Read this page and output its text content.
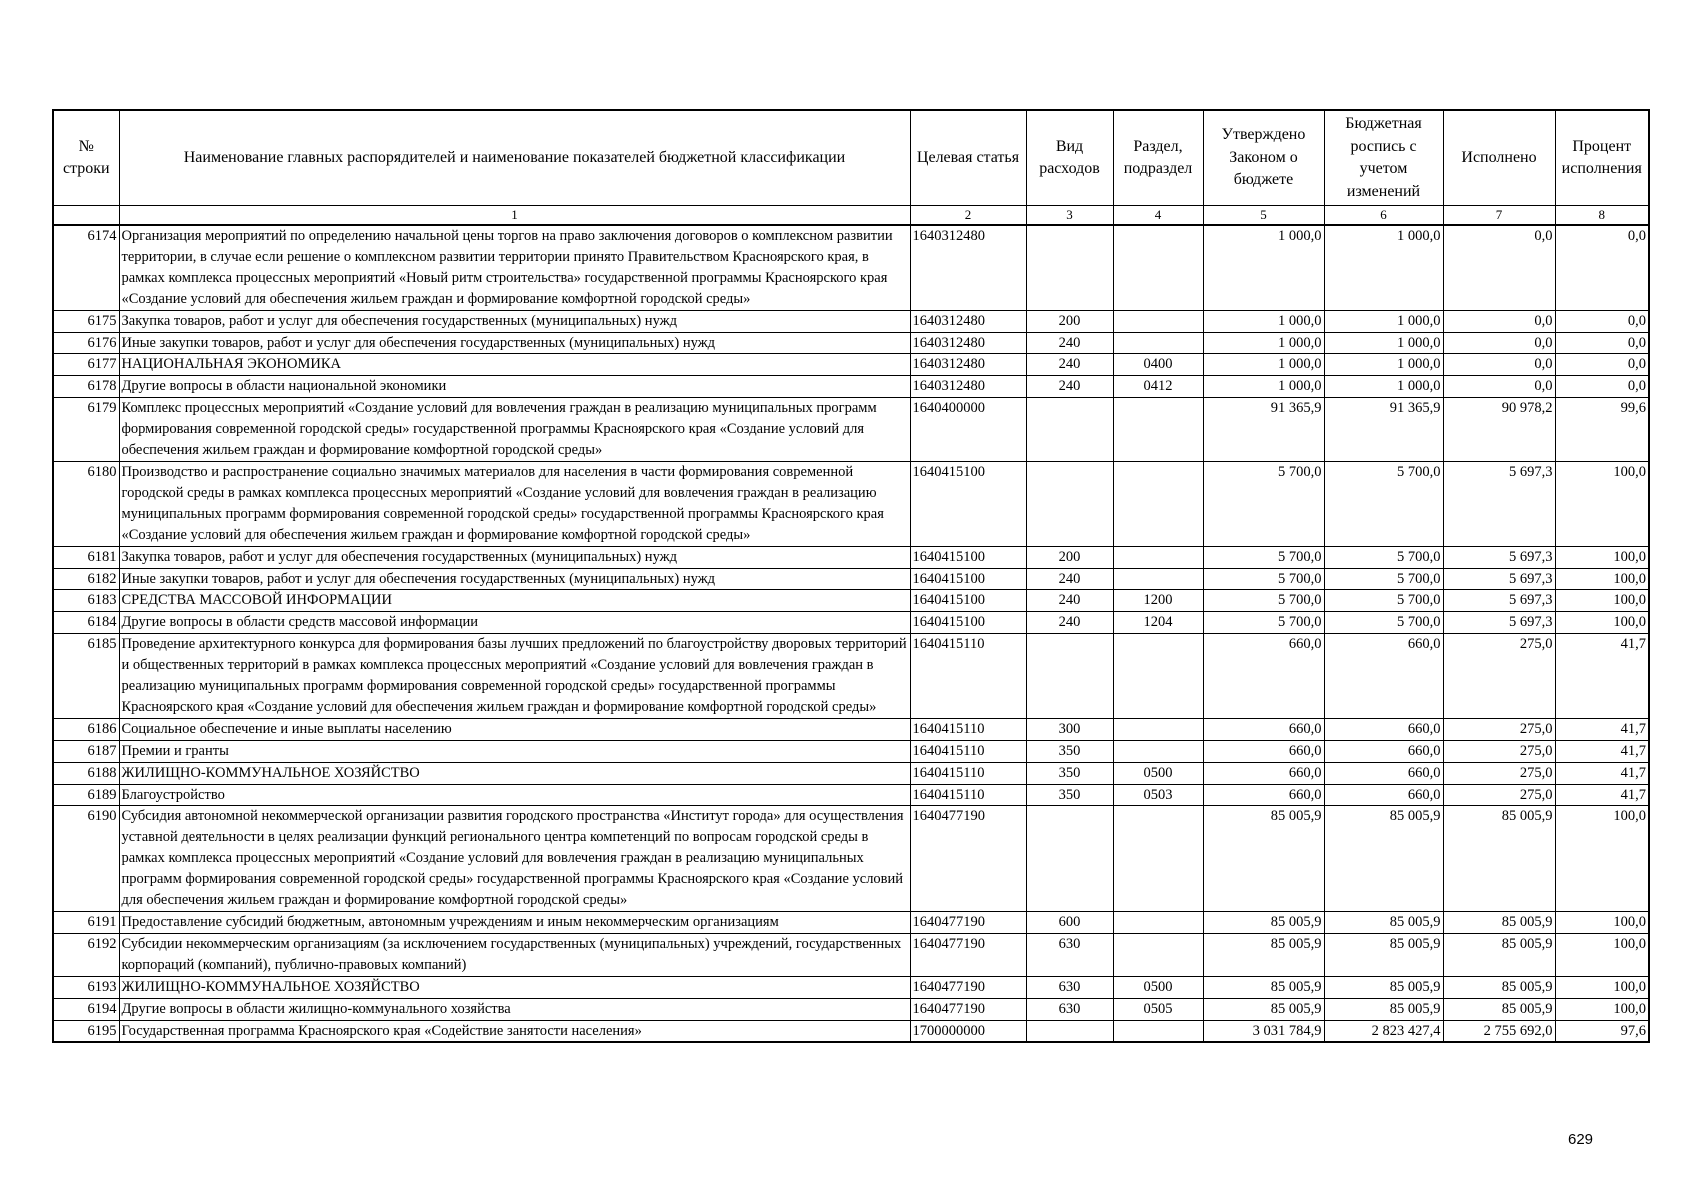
№ строки	Наименование главных распорядителей и наименование показателей бюджетной классификации	Целевая статья	Вид расходов	Раздел, подраздел	Утверждено Законом о бюджете	Бюджетная роспись с учетом изменений	Исполнено	Процент исполнения
	1	2	3	4	5	6	7	8
6174	Организация мероприятий по определению начальной цены торгов на право заключения договоров о комплексном развитии территории, в случае если решение о комплексном развитии территории принято Правительством Красноярского края, в рамках комплекса процессных мероприятий «Новый ритм строительства» государственной программы Красноярского края «Создание условий для обеспечения жильем граждан и формирование комфортной городской среды»	1640312480			1 000,0	1 000,0	0,0	0,0
6175	Закупка товаров, работ и услуг для обеспечения государственных (муниципальных) нужд	1640312480	200		1 000,0	1 000,0	0,0	0,0
6176	Иные закупки товаров, работ и услуг для обеспечения государственных (муниципальных) нужд	1640312480	240		1 000,0	1 000,0	0,0	0,0
6177	НАЦИОНАЛЬНАЯ ЭКОНОМИКА	1640312480	240	0400	1 000,0	1 000,0	0,0	0,0
6178	Другие вопросы в области национальной экономики	1640312480	240	0412	1 000,0	1 000,0	0,0	0,0
6179	Комплекс процессных мероприятий «Создание условий для вовлечения граждан в реализацию муниципальных программ формирования современной городской среды» государственной программы Красноярского края «Создание условий для обеспечения жильем граждан и формирование комфортной городской среды»	1640400000			91 365,9	91 365,9	90 978,2	99,6
6180	Производство и распространение социально значимых материалов для населения в части формирования современной городской среды в рамках комплекса процессных мероприятий «Создание условий для вовлечения граждан в реализацию муниципальных программ формирования современной городской среды» государственной программы Красноярского края «Создание условий для обеспечения жильем граждан и формирование комфортной городской среды»	1640415100			5 700,0	5 700,0	5 697,3	100,0
6181	Закупка товаров, работ и услуг для обеспечения государственных (муниципальных) нужд	1640415100	200		5 700,0	5 700,0	5 697,3	100,0
6182	Иные закупки товаров, работ и услуг для обеспечения государственных (муниципальных) нужд	1640415100	240		5 700,0	5 700,0	5 697,3	100,0
6183	СРЕДСТВА МАССОВОЙ ИНФОРМАЦИИ	1640415100	240	1200	5 700,0	5 700,0	5 697,3	100,0
6184	Другие вопросы в области средств массовой информации	1640415100	240	1204	5 700,0	5 700,0	5 697,3	100,0
6185	Проведение архитектурного конкурса для формирования базы лучших предложений по благоустройству дворовых территорий и общественных территорий в рамках комплекса процессных мероприятий «Создание условий для вовлечения граждан в реализацию муниципальных программ формирования современной городской среды» государственной программы Красноярского края «Создание условий для обеспечения жильем граждан и формирование комфортной городской среды»	1640415110			660,0	660,0	275,0	41,7
6186	Социальное обеспечение и иные выплаты населению	1640415110	300		660,0	660,0	275,0	41,7
6187	Премии и гранты	1640415110	350		660,0	660,0	275,0	41,7
6188	ЖИЛИЩНО-КОММУНАЛЬНОЕ ХОЗЯЙСТВО	1640415110	350	0500	660,0	660,0	275,0	41,7
6189	Благоустройство	1640415110	350	0503	660,0	660,0	275,0	41,7
6190	Субсидия автономной некоммерческой организации развития городского пространства «Институт города» для осуществления уставной деятельности в целях реализации функций регионального центра компетенций по вопросам городской среды в рамках комплекса процессных мероприятий «Создание условий для вовлечения граждан в реализацию муниципальных программ формирования современной городской среды» государственной программы Красноярского края «Создание условий для обеспечения жильем граждан и формирование комфортной городской среды»	1640477190			85 005,9	85 005,9	85 005,9	100,0
6191	Предоставление субсидий бюджетным, автономным учреждениям и иным некоммерческим организациям	1640477190	600		85 005,9	85 005,9	85 005,9	100,0
6192	Субсидии некоммерческим организациям (за исключением государственных (муниципальных) учреждений, государственных корпораций (компаний), публично-правовых компаний)	1640477190	630		85 005,9	85 005,9	85 005,9	100,0
6193	ЖИЛИЩНО-КОММУНАЛЬНОЕ ХОЗЯЙСТВО	1640477190	630	0500	85 005,9	85 005,9	85 005,9	100,0
6194	Другие вопросы в области жилищно-коммунального хозяйства	1640477190	630	0505	85 005,9	85 005,9	85 005,9	100,0
6195	Государственная программа Красноярского края «Содействие занятости населения»	1700000000			3 031 784,9	2 823 427,4	2 755 692,0	97,6
629
